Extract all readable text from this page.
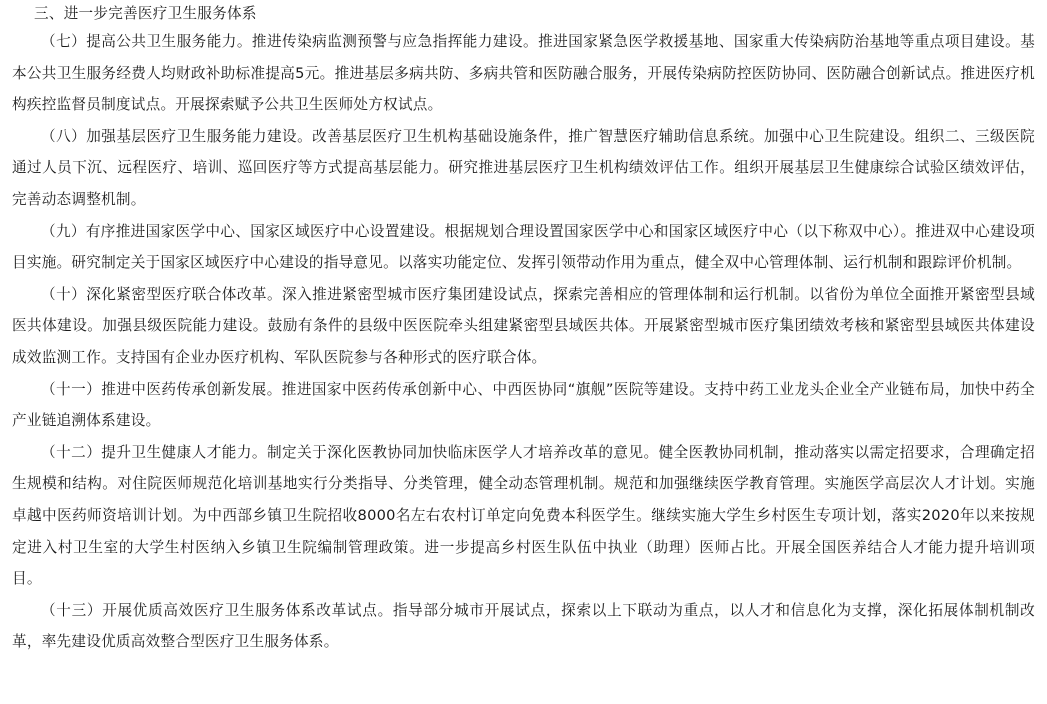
三、进一步完善医疗卫生服务体系

（七）提高公共卫生服务能力。推进传染病监测预警与应急指挥能力建设。推进国家紧急医学救援基地、国家重大传染病防治基地等重点项目建设。基本公共卫生服务经费人均财政补助标准提高5元。推进基层多病共防、多病共管和医防融合服务，开展传染病防控医防协同、医防融合创新试点。推进医疗机构疾控监督员制度试点。开展探索赋予公共卫生医师处方权试点。

（八）加强基层医疗卫生服务能力建设。改善基层医疗卫生机构基础设施条件，推广智慧医疗辅助信息系统。加强中心卫生院建设。组织二、三级医院通过人员下沉、远程医疗、培训、巡回医疗等方式提高基层能力。研究推进基层医疗卫生机构绩效评估工作。组织开展基层卫生健康综合试验区绩效评估，完善动态调整机制。

（九）有序推进国家医学中心、国家区域医疗中心设置建设。根据规划合理设置国家医学中心和国家区域医疗中心（以下称双中心）。推进双中心建设项目实施。研究制定关于国家区域医疗中心建设的指导意见。以落实功能定位、发挥引领带动作用为重点，健全双中心管理体制、运行机制和跟踪评价机制。

（十）深化紧密型医疗联合体改革。深入推进紧密型城市医疗集团建设试点，探索完善相应的管理体制和运行机制。以省份为单位全面推开紧密型县域医共体建设。加强县级医院能力建设。鼓励有条件的县级中医医院牵头组建紧密型县域医共体。开展紧密型城市医疗集团绩效考核和紧密型县域医共体建设成效监测工作。支持国有企业办医疗机构、军队医院参与各种形式的医疗联合体。

（十一）推进中医药传承创新发展。推进国家中医药传承创新中心、中西医协同“旗舰”医院等建设。支持中药工业龙头企业全产业链布局，加快中药全产业链追溯体系建设。

（十二）提升卫生健康人才能力。制定关于深化医教协同加快临床医学人才培养改革的意见。健全医教协同机制，推动落实以需定招要求，合理确定招生规模和结构。对住院医师规范化培训基地实行分类指导、分类管理，健全动态管理机制。规范和加强继续医学教育管理。实施医学高层次人才计划。实施卓越中医药师资培训计划。为中西部乡镇卫生院招收8000名左右农村订单定向免费本科医学生。继续实施大学生乡村医生专项计划，落实2020年以来按规定进入村卫生室的大学生村医纳入乡镇卫生院编制管理政策。进一步提高乡村医生队伍中执业（助理）医师占比。开展全国医养结合人才能力提升培训项目。

（十三）开展优质高效医疗卫生服务体系改革试点。指导部分城市开展试点，探索以上下联动为重点，以人才和信息化为支撑，深化拓展体制机制改革，率先建设优质高效整合型医疗卫生服务体系。
